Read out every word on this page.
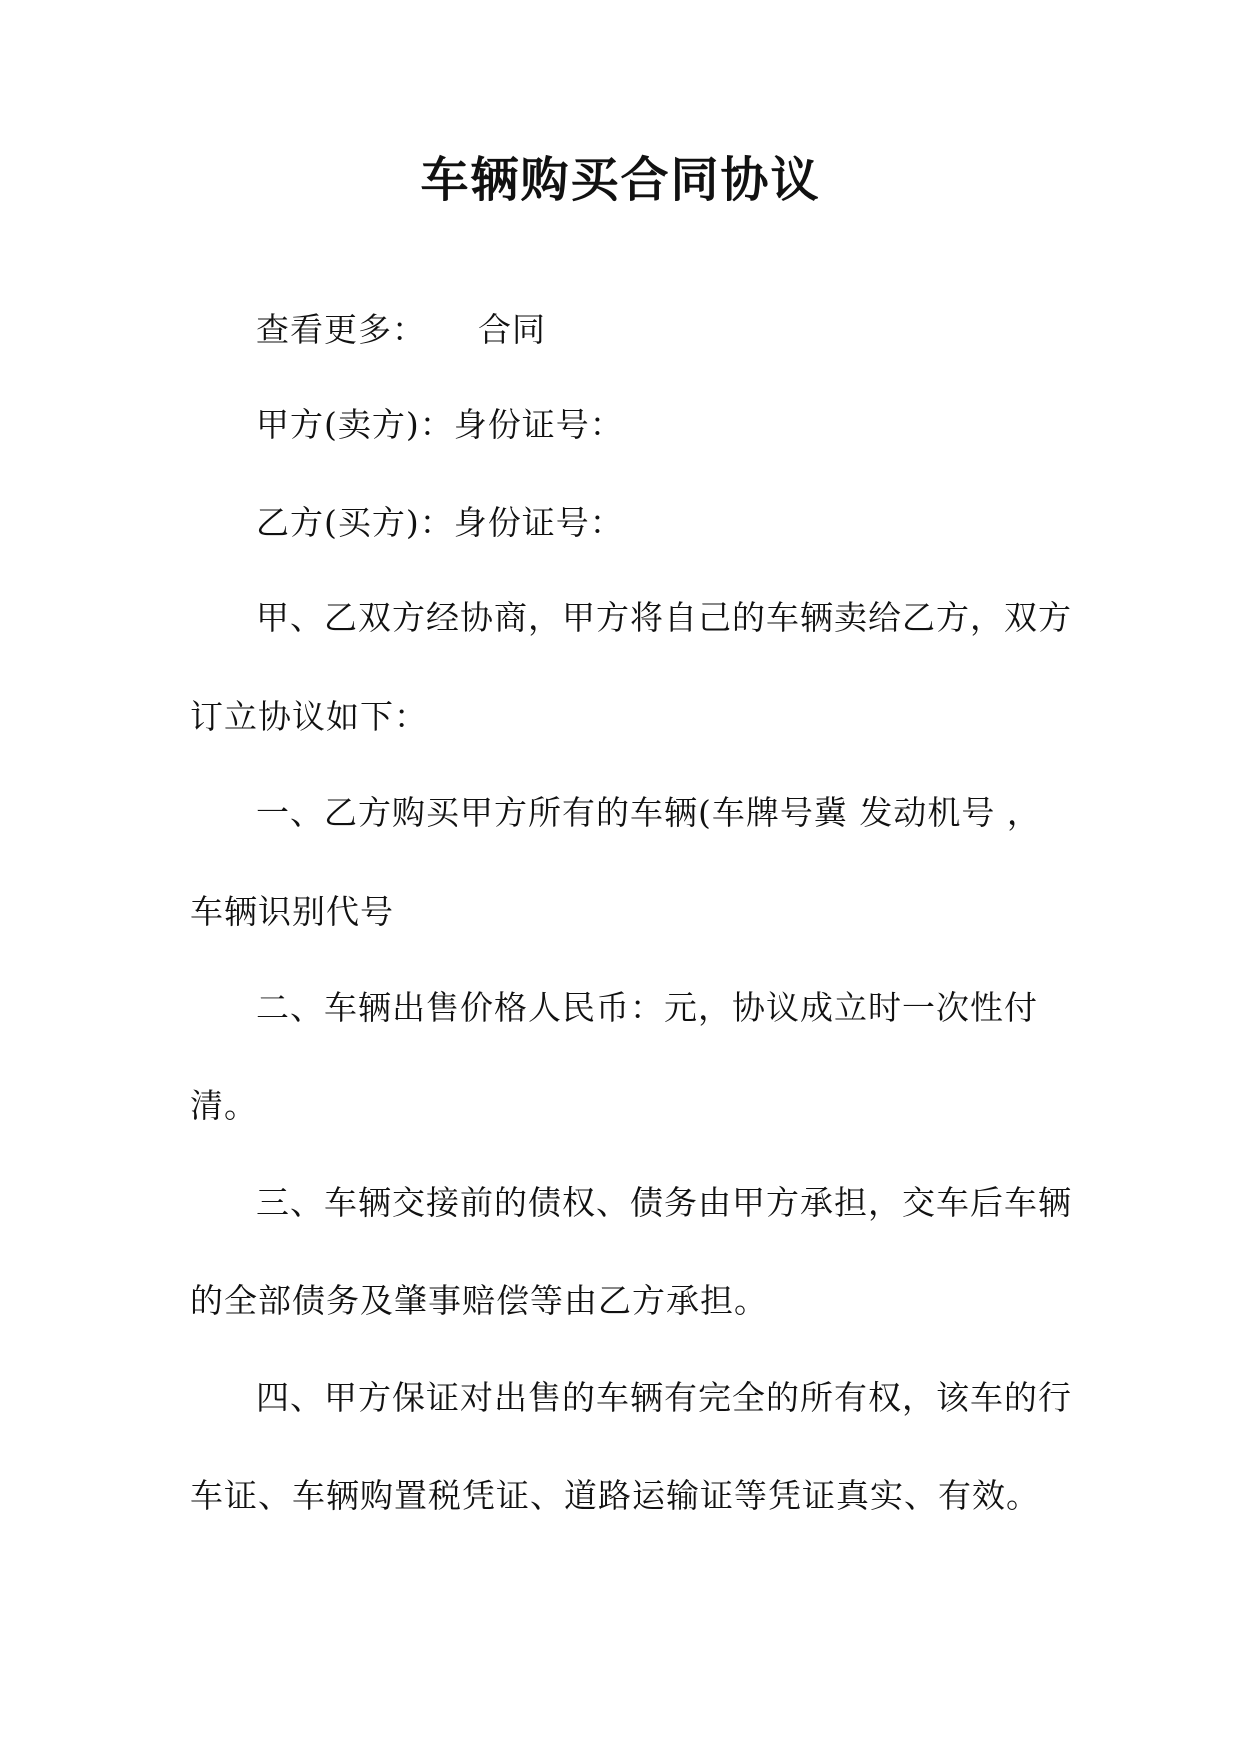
车辆购买合同协议
查看更多： 合同
甲方(卖方)：身份证号：
乙方(买方)：身份证号：
甲、乙双方经协商，甲方将自己的车辆卖给乙方，双方
订立协议如下：
一、乙方购买甲方所有的车辆(车牌号冀 发动机号 ，
车辆识别代号
二、车辆出售价格人民币：元，协议成立时一次性付
清。
三、车辆交接前的债权、债务由甲方承担，交车后车辆
的全部债务及肇事赔偿等由乙方承担。
四、甲方保证对出售的车辆有完全的所有权，该车的行
车证、车辆购置税凭证、道路运输证等凭证真实、有效。
